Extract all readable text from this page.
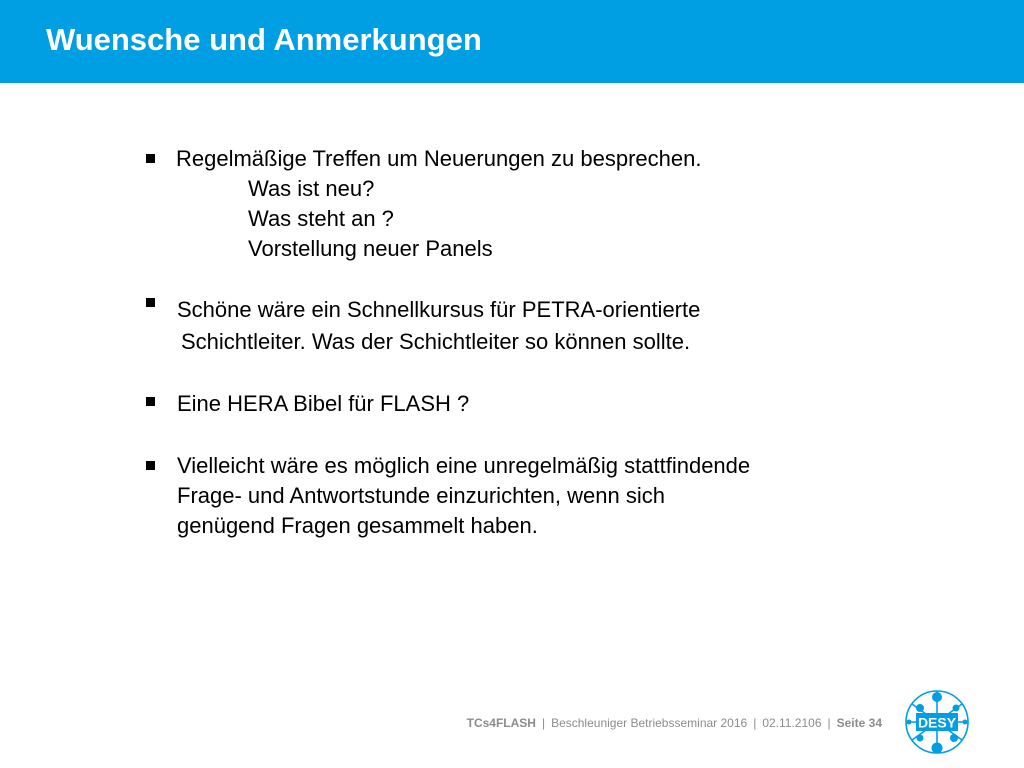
Wuensche und Anmerkungen
Regelmäßige Treffen um Neuerungen zu besprechen.
Was ist neu?
Was steht an ?
Vorstellung neuer Panels
Schöne wäre ein Schnellkursus für PETRA-orientierte
Schichtleiter. Was der Schichtleiter so können sollte.
Eine HERA Bibel für FLASH ?
Vielleicht wäre es möglich eine unregelmäßig stattfindende
Frage- und Antwortstunde einzurichten, wenn sich
genügend Fragen gesammelt haben.
TCs4FLASH | Beschleuniger Betriebsseminar 2016 | 02.11.2106 | Seite 34	DESY
